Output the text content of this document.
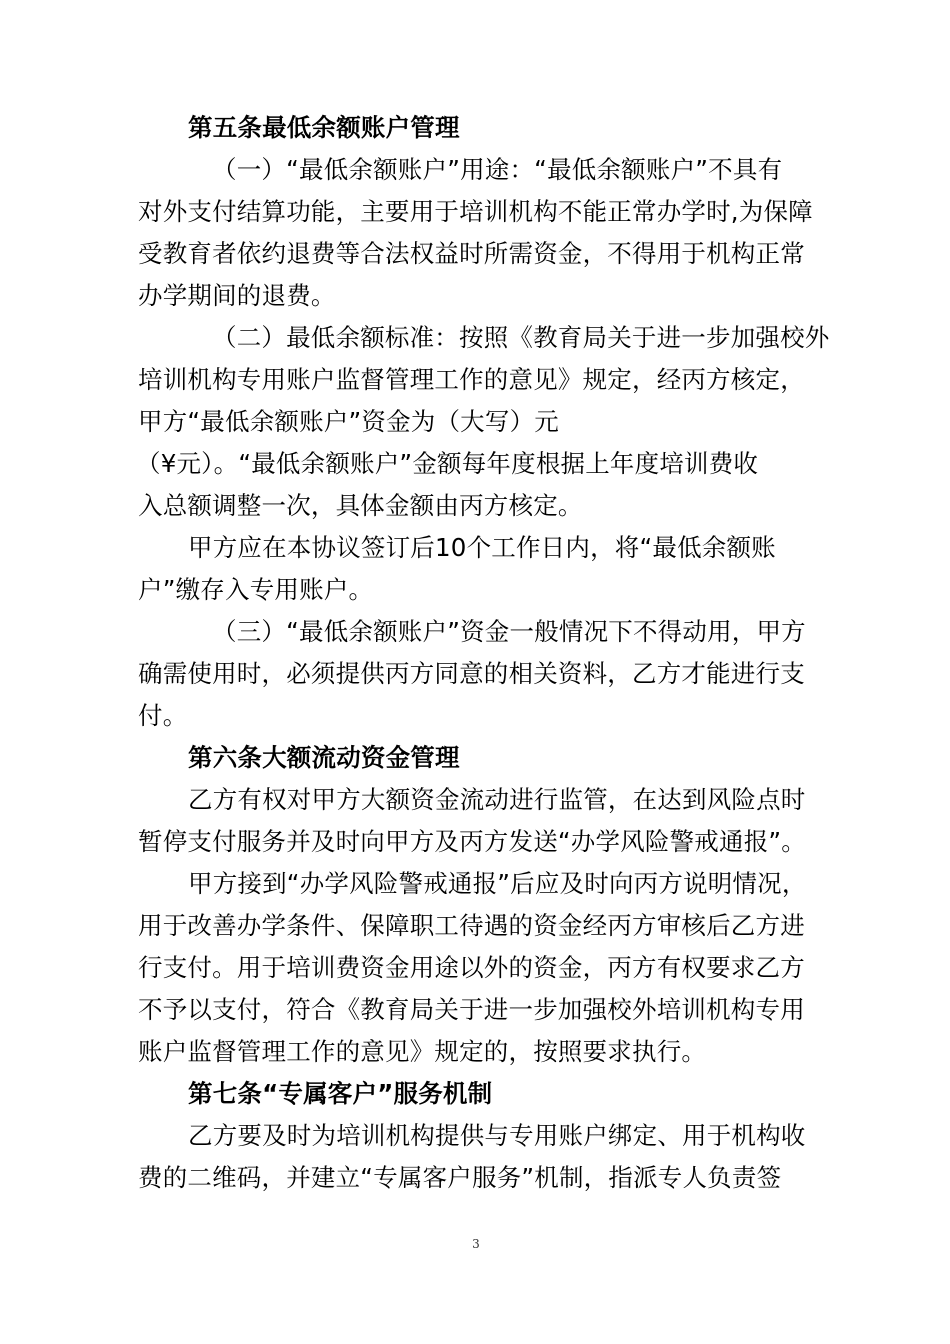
第五条最低余额账户管理
（一）“最低余额账户”用途：“最低余额账户”不具有
对外支付结算功能，主要用于培训机构不能正常办学时,为保障
受教育者依约退费等合法权益时所需资金，不得用于机构正常
办学期间的退费。
（二）最低余额标准：按照《教育局关于进一步加强校外
培训机构专用账户监督管理工作的意见》规定，经丙方核定，
甲方“最低余额账户”资金为（大写）元
（¥元）。“最低余额账户”金额每年度根据上年度培训费收
入总额调整一次，具体金额由丙方核定。
甲方应在本协议签订后10个工作日内，将“最低余额账
户”缴存入专用账户。
（三）“最低余额账户”资金一般情况下不得动用，甲方
确需使用时，必须提供丙方同意的相关资料，乙方才能进行支
付。
第六条大额流动资金管理
乙方有权对甲方大额资金流动进行监管，在达到风险点时
暂停支付服务并及时向甲方及丙方发送“办学风险警戒通报”。
甲方接到“办学风险警戒通报”后应及时向丙方说明情况，
用于改善办学条件、保障职工待遇的资金经丙方审核后乙方进
行支付。用于培训费资金用途以外的资金，丙方有权要求乙方
不予以支付，符合《教育局关于进一步加强校外培训机构专用
账户监督管理工作的意见》规定的，按照要求执行。
第七条“专属客户”服务机制
乙方要及时为培训机构提供与专用账户绑定、用于机构收
费的二维码，并建立“专属客户服务”机制，指派专人负责签
3
